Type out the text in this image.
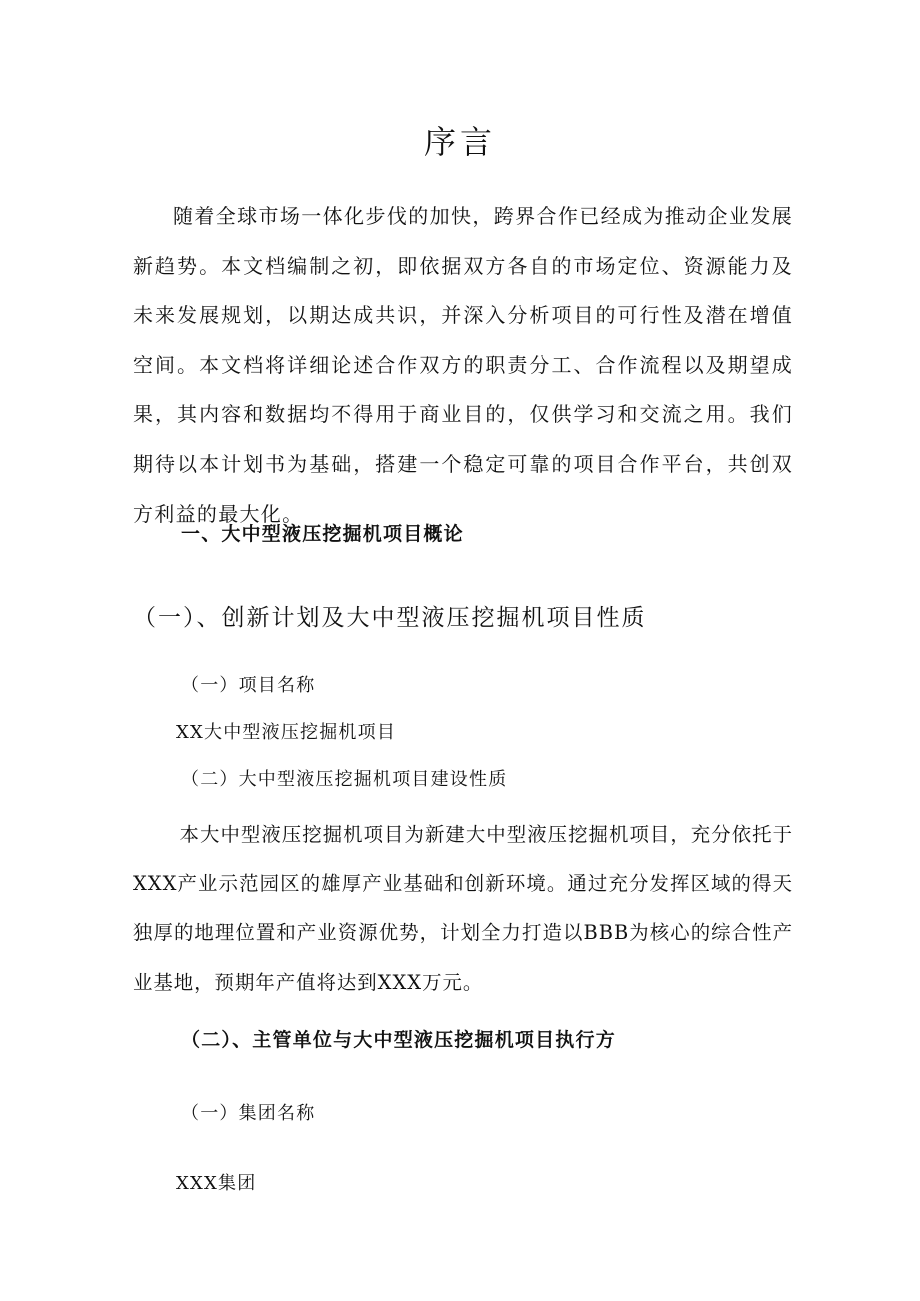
序言

随着全球市场一体化步伐的加快，跨界合作已经成为推动企业发展新趋势。本文档编制之初，即依据双方各自的市场定位、资源能力及未来发展规划，以期达成共识，并深入分析项目的可行性及潜在增值空间。本文档将详细论述合作双方的职责分工、合作流程以及期望成果，其内容和数据均不得用于商业目的，仅供学习和交流之用。我们期待以本计划书为基础，搭建一个稳定可靠的项目合作平台，共创双方利益的最大化。

一、大中型液压挖掘机项目概论
（一）、创新计划及大中型液压挖掘机项目性质
（一）项目名称
XX大中型液压挖掘机项目
（二）大中型液压挖掘机项目建设性质

本大中型液压挖掘机项目为新建大中型液压挖掘机项目，充分依托于XXX产业示范园区的雄厚产业基础和创新环境。通过充分发挥区域的得天独厚的地理位置和产业资源优势，计划全力打造以BBB为核心的综合性产业基地，预期年产值将达到XXX万元。

（二）、主管单位与大中型液压挖掘机项目执行方
（一）集团名称
XXX集团
